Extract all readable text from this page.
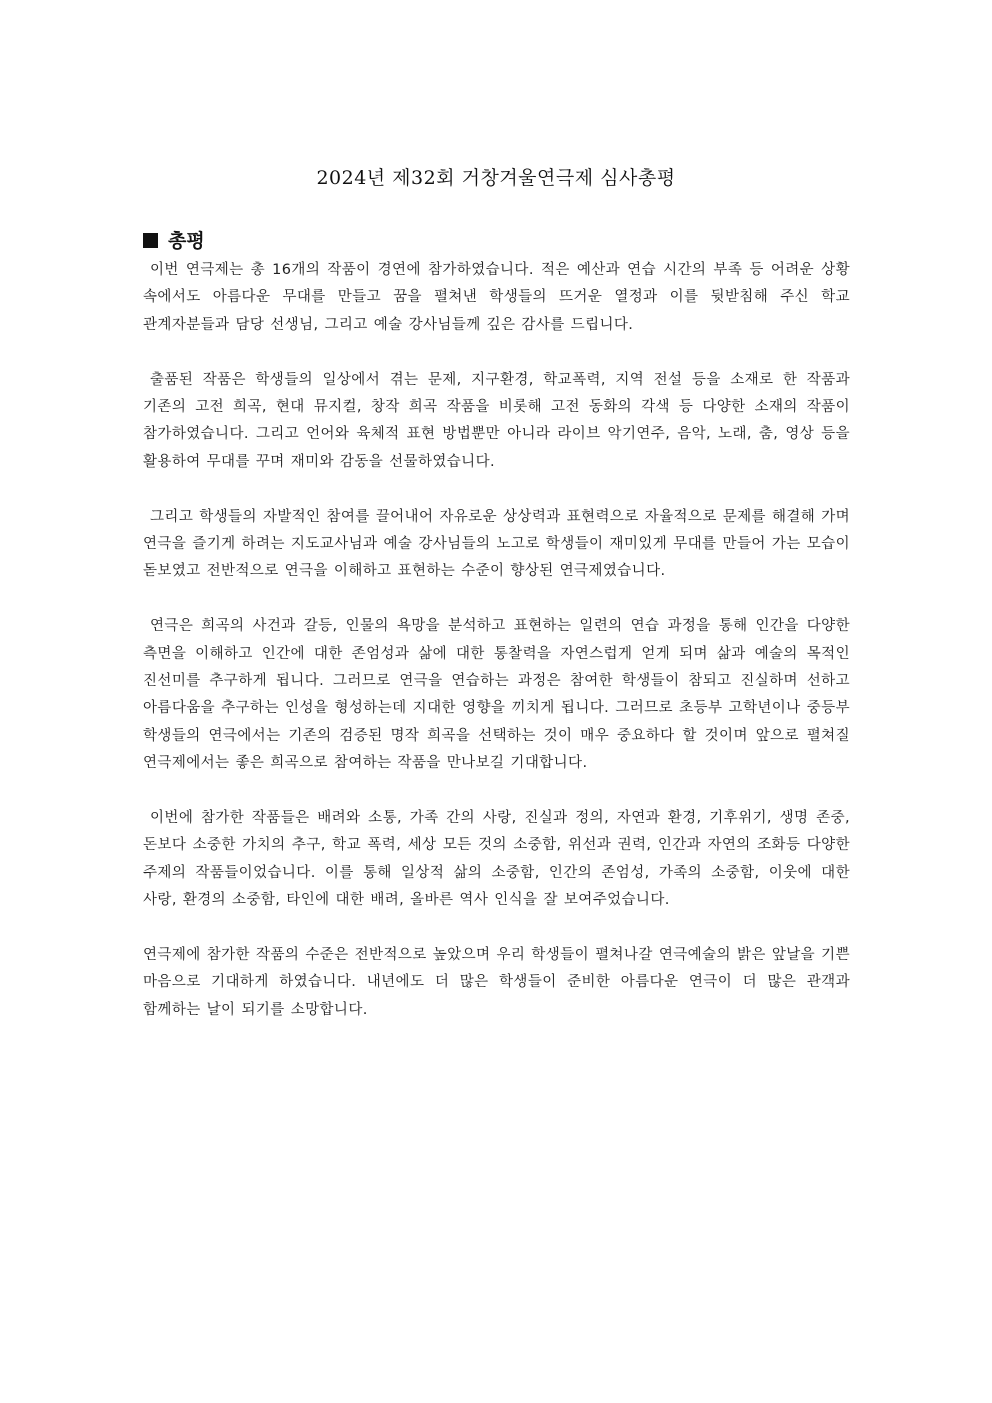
2024년 제32회 거창겨울연극제 심사총평
총평

이번 연극제는 총 16개의 작품이 경연에 참가하였습니다. 적은 예산과 연습 시간의 부족 등 어려운 상황 속에서도 아름다운 무대를 만들고 꿈을 펼쳐낸 학생들의 뜨거운 열정과 이를 뒷받침해 주신 학교 관계자분들과 담당 선생님, 그리고 예술 강사님들께 깊은 감사를 드립니다.

출품된 작품은 학생들의 일상에서 겪는 문제, 지구환경, 학교폭력, 지역 전설 등을 소재로 한 작품과 기존의 고전 희곡, 현대 뮤지컬, 창작 희곡 작품을 비롯해 고전 동화의 각색 등 다양한 소재의 작품이 참가하였습니다. 그리고 언어와 육체적 표현 방법뿐만 아니라 라이브 악기연주, 음악, 노래, 춤, 영상 등을 활용하여 무대를 꾸며 재미와 감동을 선물하였습니다.

그리고 학생들의 자발적인 참여를 끌어내어 자유로운 상상력과 표현력으로 자율적으로 문제를 해결해 가며 연극을 즐기게 하려는 지도교사님과 예술 강사님들의 노고로 학생들이 재미있게 무대를 만들어 가는 모습이 돋보였고 전반적으로 연극을 이해하고 표현하는 수준이 향상된 연극제였습니다.

연극은 희곡의 사건과 갈등, 인물의 욕망을 분석하고 표현하는 일련의 연습 과정을 통해 인간을 다양한 측면을 이해하고 인간에 대한 존엄성과 삶에 대한 통찰력을 자연스럽게 얻게 되며 삶과 예술의 목적인 진선미를 추구하게 됩니다. 그러므로 연극을 연습하는 과정은 참여한 학생들이 참되고 진실하며 선하고 아름다움을 추구하는 인성을 형성하는데 지대한 영향을 끼치게 됩니다. 그러므로 초등부 고학년이나 중등부 학생들의 연극에서는 기존의 검증된 명작 희곡을 선택하는 것이 매우 중요하다 할 것이며 앞으로 펼쳐질 연극제에서는 좋은 희곡으로 참여하는 작품을 만나보길 기대합니다.

이번에 참가한 작품들은 배려와 소통, 가족 간의 사랑, 진실과 정의, 자연과 환경, 기후위기, 생명 존중, 돈보다 소중한 가치의 추구, 학교 폭력, 세상 모든 것의 소중함, 위선과 권력, 인간과 자연의 조화등 다양한 주제의 작품들이었습니다. 이를 통해 일상적 삶의 소중함, 인간의 존엄성, 가족의 소중함, 이웃에 대한 사랑, 환경의 소중함, 타인에 대한 배려, 올바른 역사 인식을 잘 보여주었습니다.

연극제에 참가한 작품의 수준은 전반적으로 높았으며 우리 학생들이 펼쳐나갈 연극예술의 밝은 앞날을 기쁜 마음으로 기대하게 하였습니다. 내년에도 더 많은 학생들이 준비한 아름다운 연극이 더 많은 관객과 함께하는 날이 되기를 소망합니다.
